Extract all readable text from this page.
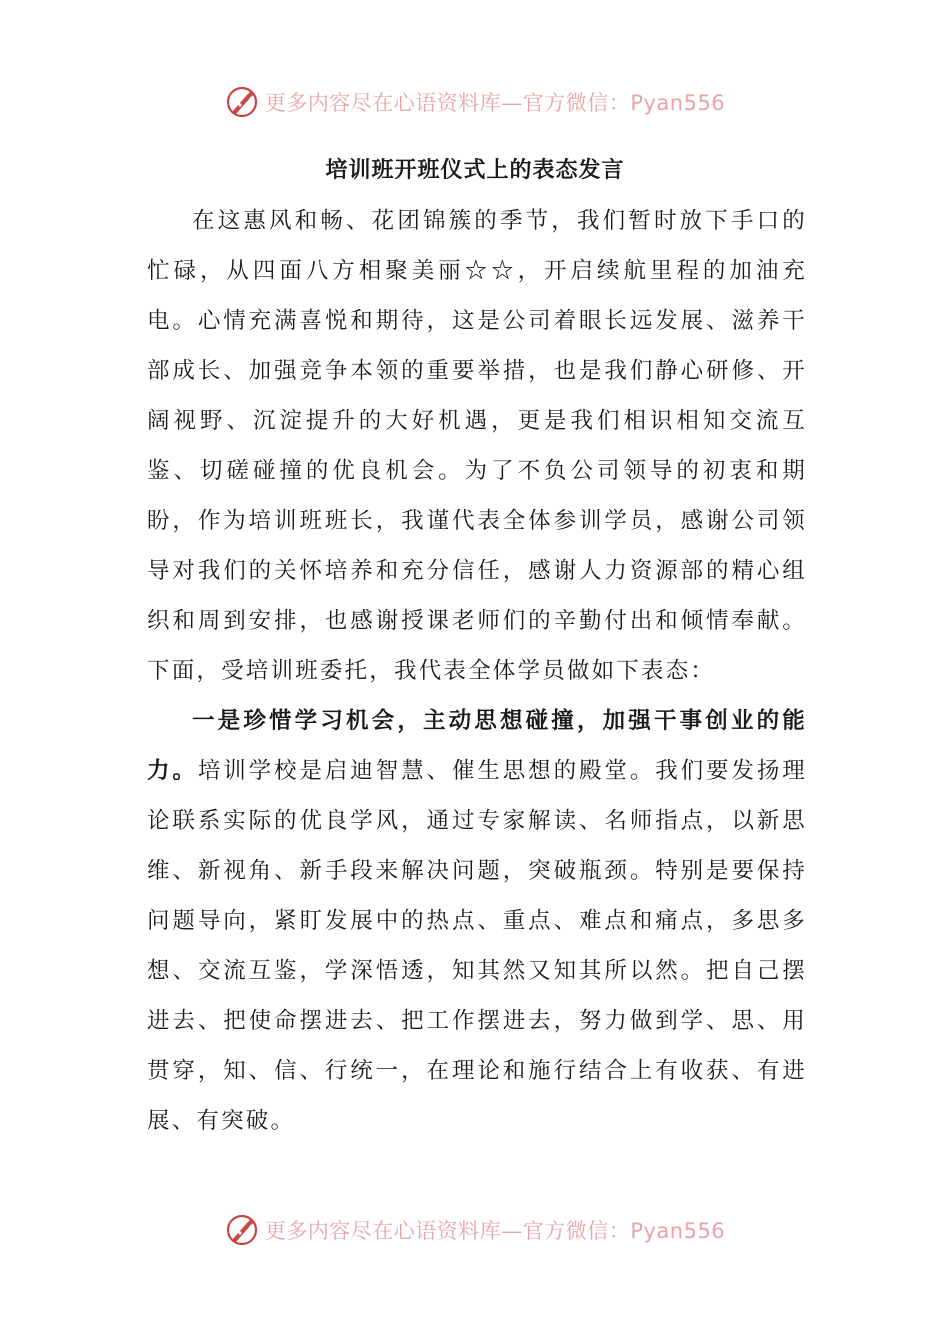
更多内容尽在心语资料库—官方微信：Pyan556
培训班开班仪式上的表态发言

在这惠风和畅、花团锦簇的季节，我们暂时放下手口的忙碌，从四面八方相聚美丽☆☆，开启续航里程的加油充电。心情充满喜悦和期待，这是公司着眼长远发展、滋养干部成长、加强竞争本领的重要举措，也是我们静心研修、开阔视野、沉淀提升的大好机遇，更是我们相识相知交流互鉴、切磋碰撞的优良机会。为了不负公司领导的初衷和期盼，作为培训班班长，我谨代表全体参训学员，感谢公司领导对我们的关怀培养和充分信任，感谢人力资源部的精心组织和周到安排，也感谢授课老师们的辛勤付出和倾情奉献。下面，受培训班委托，我代表全体学员做如下表态：

一是珍惜学习机会，主动思想碰撞，加强干事创业的能力。培训学校是启迪智慧、催生思想的殿堂。我们要发扬理论联系实际的优良学风，通过专家解读、名师指点，以新思维、新视角、新手段来解决问题，突破瓶颈。特别是要保持问题导向，紧盯发展中的热点、重点、难点和痛点，多思多想、交流互鉴，学深悟透，知其然又知其所以然。把自己摆进去、把使命摆进去、把工作摆进去，努力做到学、思、用贯穿，知、信、行统一，在理论和施行结合上有收获、有进展、有突破。

更多内容尽在心语资料库—官方微信：Pyan556
